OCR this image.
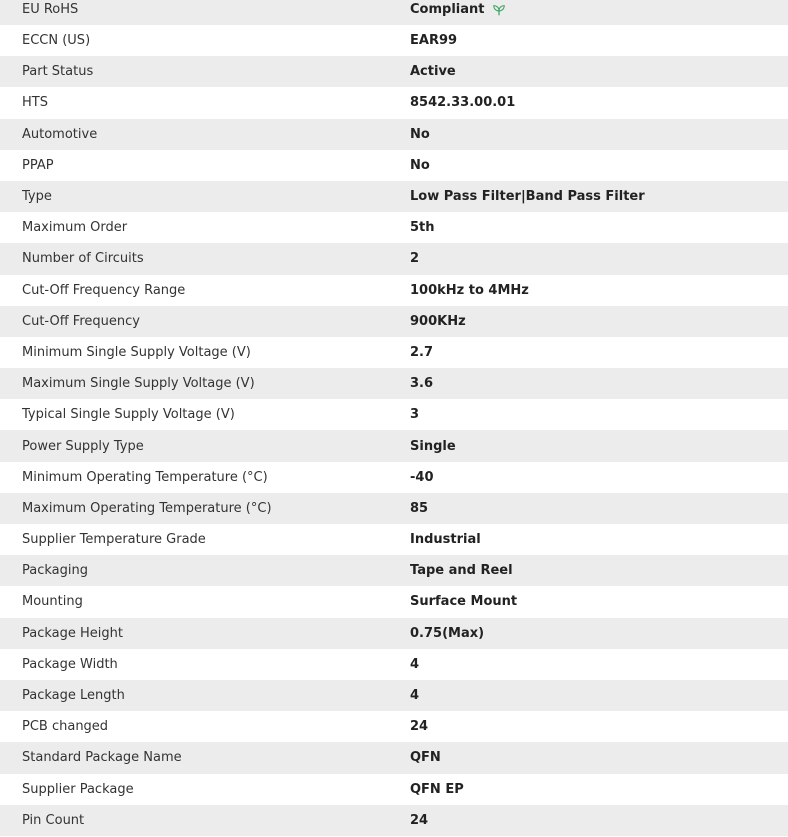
EU RoHS	Compliant
ECCN (US)	EAR99
Part Status	Active
HTS	8542.33.00.01
Automotive	No
PPAP	No
Type	Low Pass Filter|Band Pass Filter
Maximum Order	5th
Number of Circuits	2
Cut-Off Frequency Range	100kHz to 4MHz
Cut-Off Frequency	900KHz
Minimum Single Supply Voltage (V)	2.7
Maximum Single Supply Voltage (V)	3.6
Typical Single Supply Voltage (V)	3
Power Supply Type	Single
Minimum Operating Temperature (°C)	-40
Maximum Operating Temperature (°C)	85
Supplier Temperature Grade	Industrial
Packaging	Tape and Reel
Mounting	Surface Mount
Package Height	0.75(Max)
Package Width	4
Package Length	4
PCB changed	24
Standard Package Name	QFN
Supplier Package	QFN EP
Pin Count	24
